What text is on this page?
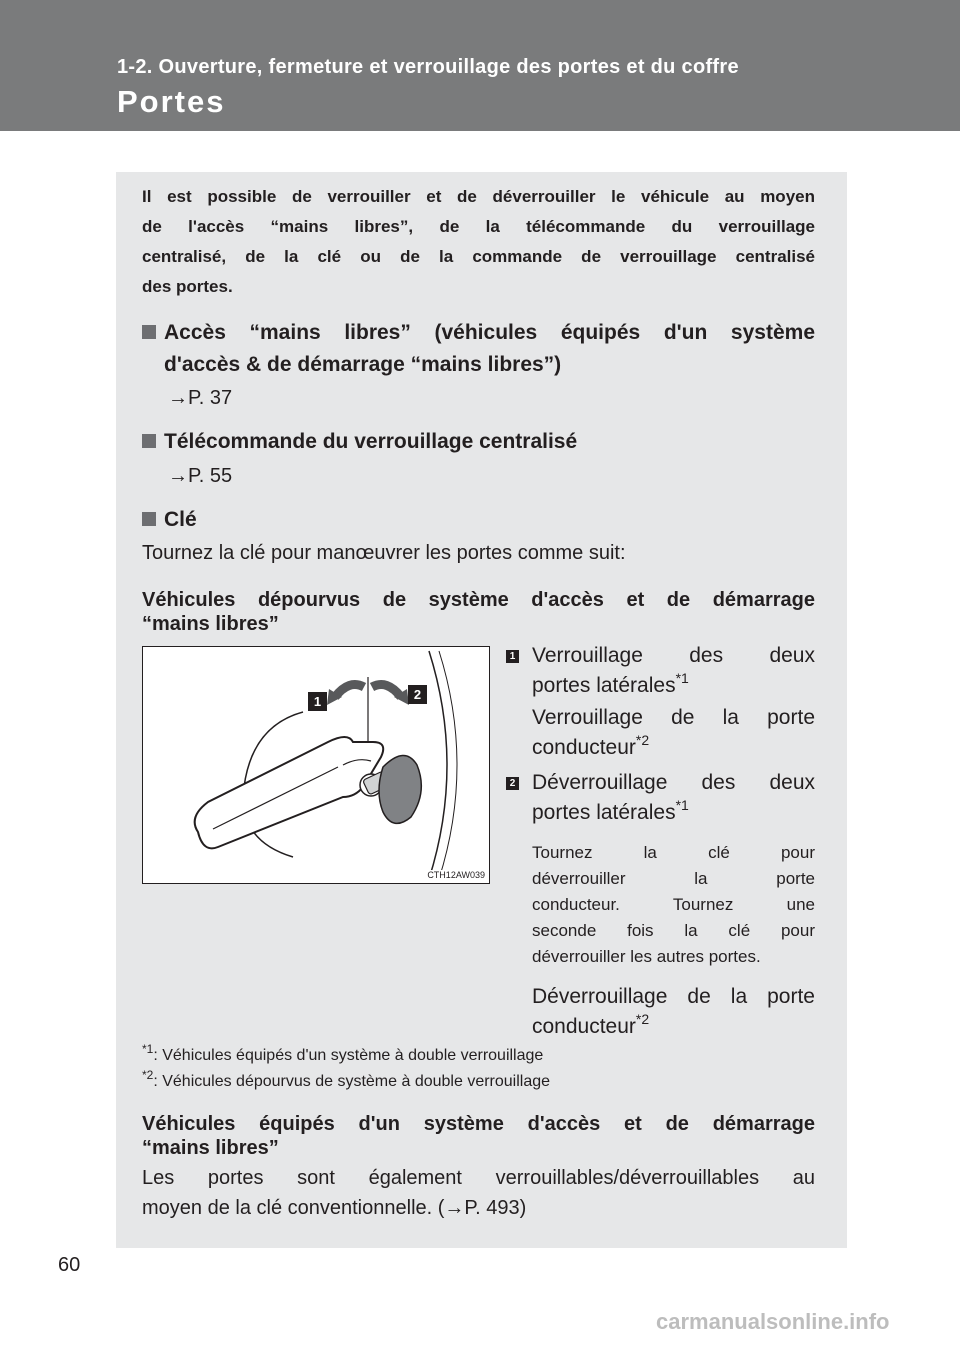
1-2. Ouverture, fermeture et verrouillage des portes et du coffre
Portes

Il est possible de verrouiller et de déverrouiller le véhicule au moyen
de l'accès “mains libres”, de la télécommande du verrouillage
centralisé, de la clé ou de la commande de verrouillage centralisé
des portes.

Accès “mains libres” (véhicules équipés d'un système
d'accès & de démarrage “mains libres”)

→P. 37

Télécommande du verrouillage centralisé

→P. 55

Clé

Tournez la clé pour manœuvrer les portes comme suit:

Véhicules dépourvus de système d'accès et de démarrage
“mains libres”
1	2
CTH12AW039
1 Verrouillage des deux
portes latérales$^{*1}$
Verrouillage de la porte
conducteur$^{*2}$
2 Déverrouillage des deux
portes latérales$^{*1}$
Tournez la clé pour
déverrouiller la porte
conducteur. Tournez une
seconde fois la clé pour
déverrouiller les autres portes.
Déverrouillage de la porte
conducteur$^{*2}$

$^{*1}$: Véhicules équipés d'un système à double verrouillage

$^{*2}$: Véhicules dépourvus de système à double verrouillage

Véhicules équipés d'un système d'accès et de démarrage
“mains libres”
Les portes sont également verrouillables/déverrouillables au
moyen de la clé conventionnelle. (→P. 493)
60
carmanualsonline.info
